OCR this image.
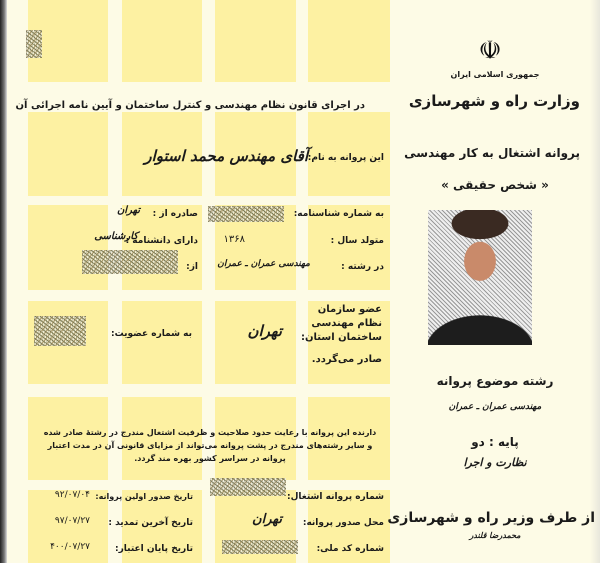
☫
جمهوری اسلامی ایران
وزارت راه و شهرسازی
پروانه اشتغال به کار مهندسی
« شخص حقیقی »
رشته موضوع پروانه
مهندسی عمران ـ عمران
پایه : دو
نظارت و اجرا
از طرف وزیر راه و شهرسازی
محمدرضا قلندر
در اجرای قانون نظام مهندسی و کنترل ساختمان و آیین نامه اجرائی آن
این پروانه به نام:
آقای مهندس محمد استوار
به شماره شناسنامه:
صادره از :
تهران
متولد سال :
۱۳۶۸
دارای دانشنامه :
کارشناسی
در رشته :
مهندسی عمران ـ عمران
از:
عضو سازمان
نظام مهندسی
ساختمان استان:
صادر می‌گردد.
تهران
به شماره عضویت:
دارنده این پروانه با رعایت حدود صلاحیت و ظرفیت اشتغال مندرج در رشتهٔ صادر شده
و سایر رشته‌های مندرج در پشت پروانه می‌تواند از مزایای قانونی آن در مدت اعتبار
پروانه در سراسر کشور بهره مند گردد.
شماره پروانه اشتغال:
محل صدور پروانه:
تهران
شماره کد ملی:
تاریخ صدور اولین پروانه:
۹۲/۰۷/۰۴
تاریخ آخرین تمدید :
۹۷/۰۷/۲۷
تاریخ پایان اعتبار:
۴۰۰/۰۷/۲۷
